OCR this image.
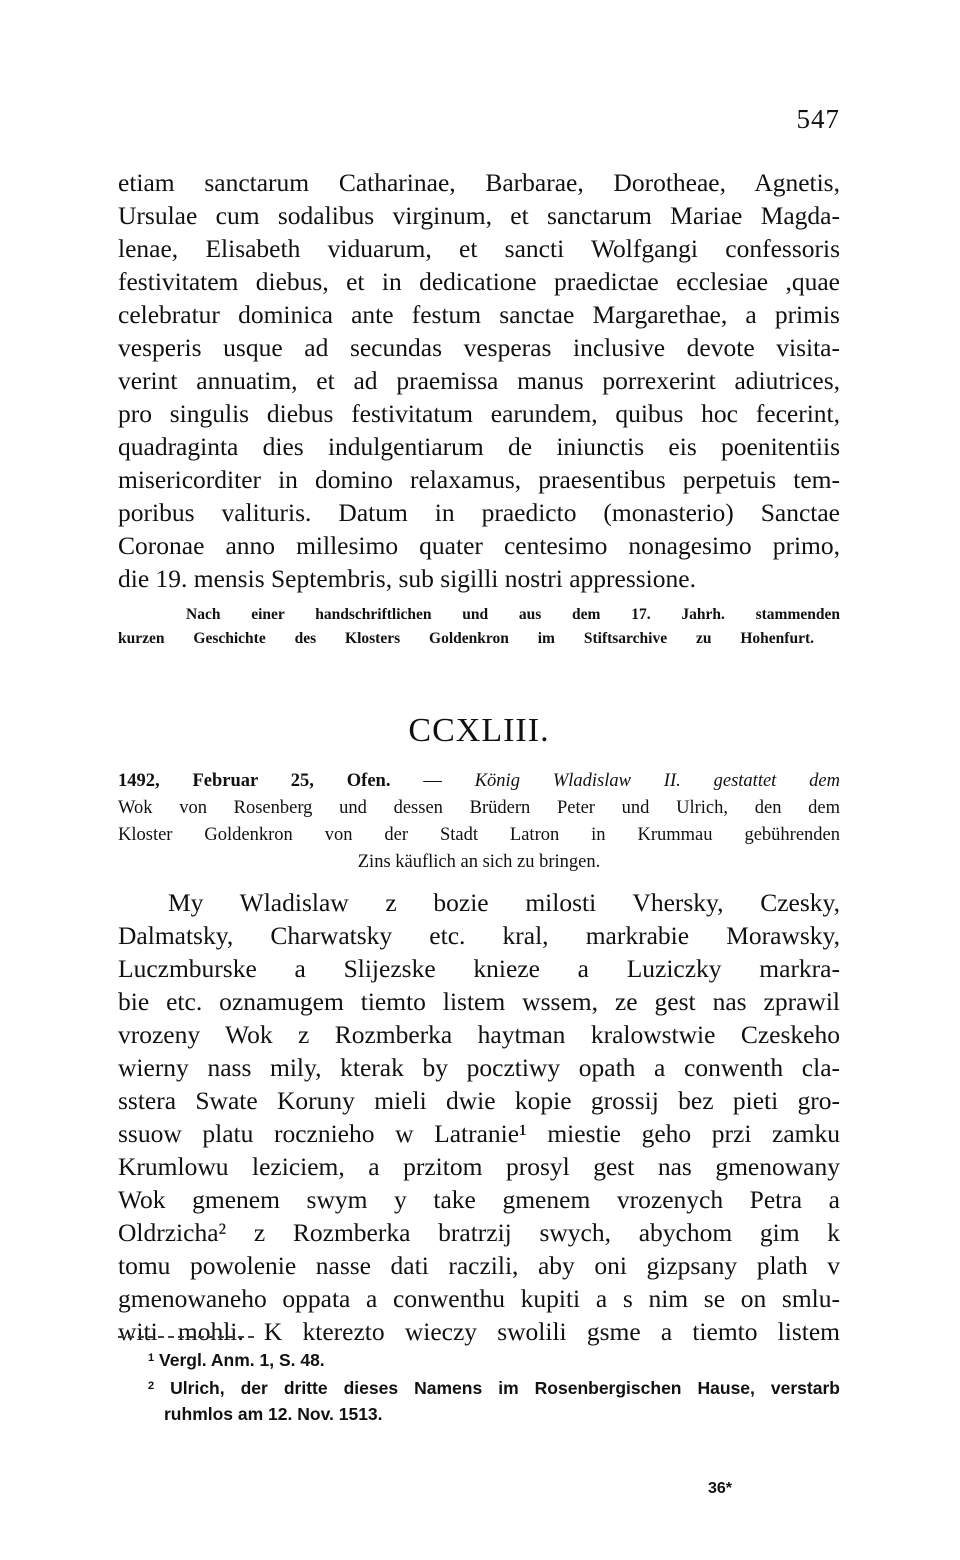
547
etiam sanctarum Catharinae, Barbarae, Dorotheae, Agnetis,
Ursulae cum sodalibus virginum, et sanctarum Mariae Magda-
lenae, Elisabeth viduarum, et sancti Wolfgangi confessoris
festivitatem diebus, et in dedicatione praedictae ecclesiae ,quae
celebratur dominica ante festum sanctae Margarethae, a primis
vesperis usque ad secundas vesperas inclusive devote visita-
verint annuatim, et ad praemissa manus porrexerint adiutrices,
pro singulis diebus festivitatum earundem, quibus hoc fecerint,
quadraginta dies indulgentiarum de iniunctis eis poenitentiis
misericorditer in domino relaxamus, praesentibus perpetuis tem-
poribus valituris. Datum in praedicto (monasterio) Sanctae
Coronae anno millesimo quater centesimo nonagesimo primo,
die 19. mensis Septembris, sub sigilli nostri appressione.
Nach einer handschriftlichen und aus dem 17. Jahrh. stammenden
kurzen Geschichte des Klosters Goldenkron im Stiftsarchive zu Hohenfurt.
CCXLIII.
1492, Februar 25, Ofen. — König Wladislaw II. gestattet dem
Wok von Rosenberg und dessen Brüdern Peter und Ulrich, den dem
Kloster Goldenkron von der Stadt Latron in Krummau gebührenden
Zins käuflich an sich zu bringen.
My Wladislaw z bozie milosti Vhersky, Czesky,
Dalmatsky, Charwatsky etc. kral, markrabie Morawsky,
Luczmburske a Slijezske knieze a Luziczky markra-
bie etc. oznamugem tiemto listem wssem, ze gest nas zprawil
vrozeny Wok z Rozmberka haytman kralowstwie Czeskeho
wierny nass mily, kterak by pocztiwy opath a conwenth cla-
sstera Swate Koruny mieli dwie kopie grossij bez pieti gro-
ssuow platu rocznieho w Latranie¹ miestie geho przi zamku
Krumlowu leziciem, a przitom prosyl gest nas gmenowany
Wok gmenem swym y take gmenem vrozenych Petra a
Oldrzicha² z Rozmberka bratrzij swych, abychom gim k
tomu powolenie nasse dati raczili, aby oni gizpsany plath v
gmenowaneho oppata a conwenthu kupiti a s nim se on smlu-
witi mohli. K kterezto wieczy swolili gsme a tiemto listem
$^1$ Vergl. Anm. 1, S. 48.
$^2$ Ulrich, der dritte dieses Namens im Rosenbergischen Hause, verstarb
ruhmlos am 12. Nov. 1513.
36*
